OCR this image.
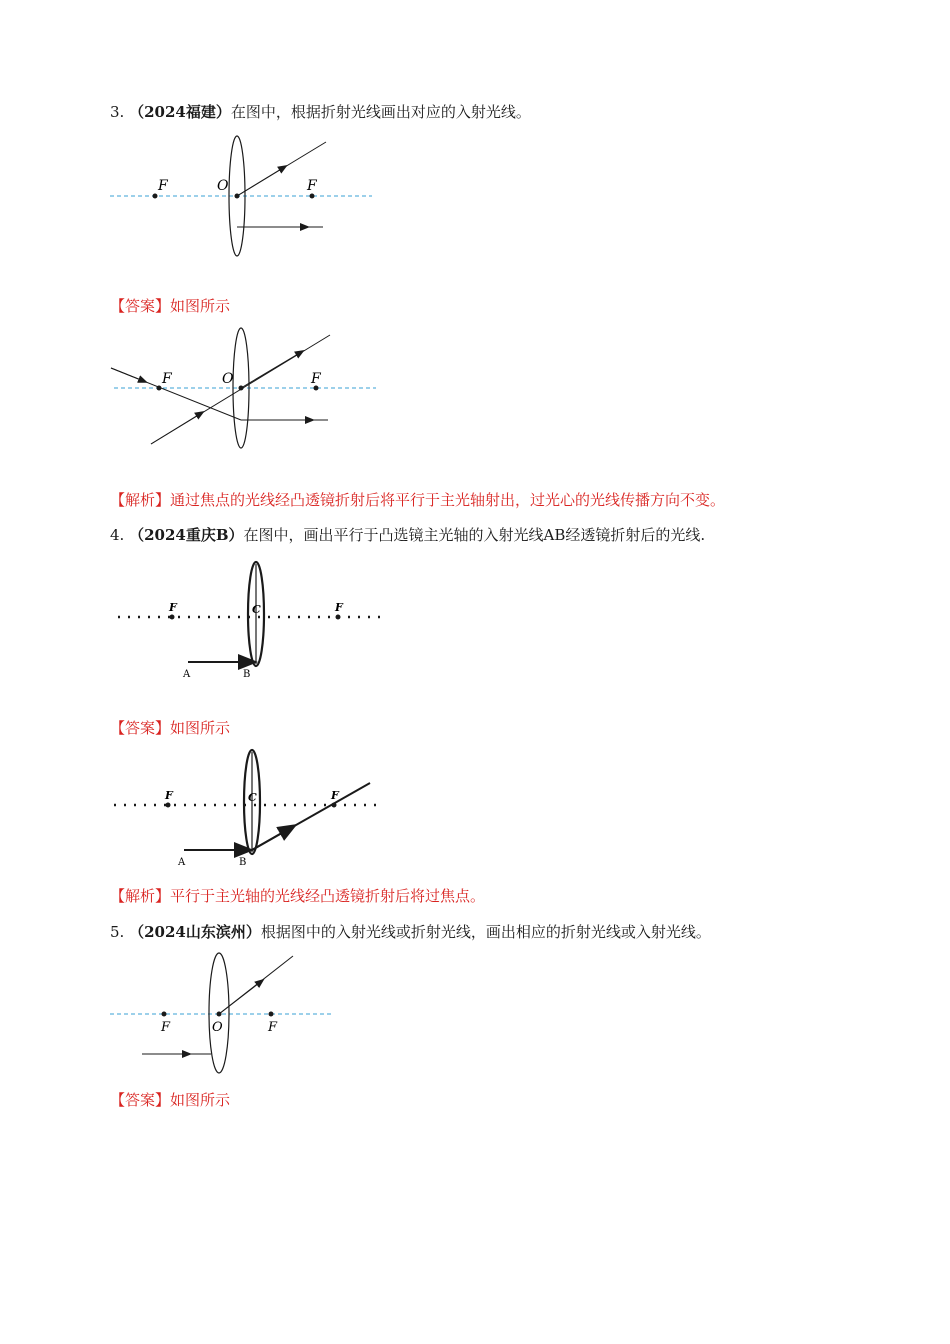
3. （2024福建）在图中，根据折射光线画出对应的入射光线。
F	O	F
【答案】如图所示
F	O	F
【解析】通过焦点的光线经凸透镜折射后将平行于主光轴射出，过光心的光线传播方向不变。
4. （2024重庆B）在图中，画出平行于凸选镜主光轴的入射光线AB经透镜折射后的光线.
F	C	F
A	B
【答案】如图所示
F	C	F
A	B
【解析】平行于主光轴的光线经凸透镜折射后将过焦点。
5. （2024山东滨州）根据图中的入射光线或折射光线，画出相应的折射光线或入射光线。
F	O	F
【答案】如图所示
